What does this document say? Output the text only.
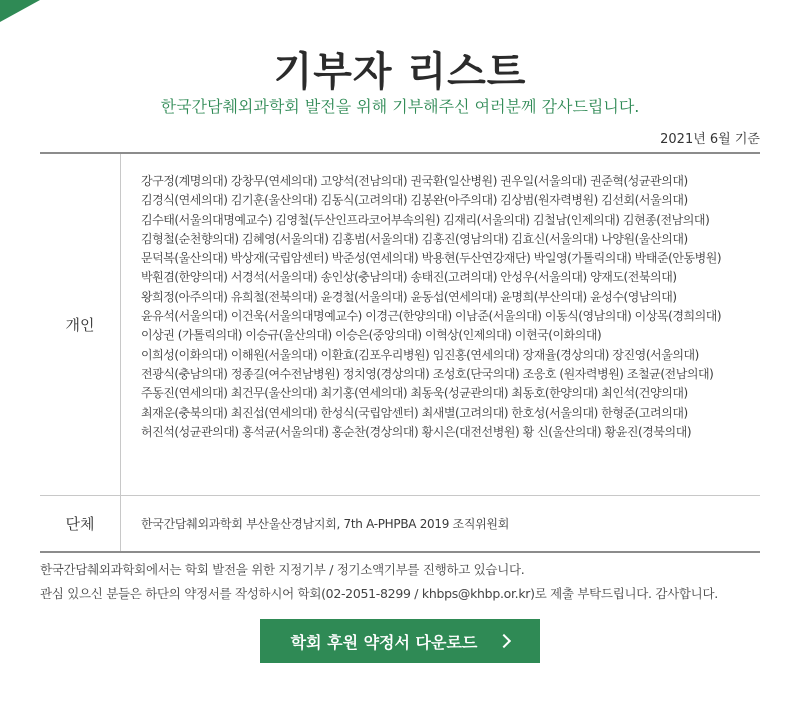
기부자 리스트

한국간담췌외과학회 발전을 위해 기부해주신 여러분께 감사드립니다.

2021년 6월 기준
개인
강구정(계명의대) 강창무(연세의대) 고양석(전남의대) 권국환(일산병원) 권우일(서울의대) 권준혁(성균관의대)
김경식(연세의대) 김기훈(울산의대) 김동식(고려의대) 김봉완(아주의대) 김상범(원자력병원) 김선회(서울의대)
김수태(서울의대명예교수) 김영철(두산인프라코어부속의원) 김재리(서울의대) 김철남(인제의대) 김현종(전남의대)
김형철(순천향의대) 김혜영(서울의대) 김홍범(서울의대) 김홍진(영남의대) 김효신(서울의대) 나양원(울산의대)
문덕복(울산의대) 박상재(국립암센터) 박준성(연세의대) 박용현(두산연강재단) 박일영(가톨릭의대) 박태준(안동병원)
박훤겸(한양의대) 서경석(서울의대) 송인상(충남의대) 송태진(고려의대) 안성우(서울의대) 양재도(전북의대)
왕희정(아주의대) 유희철(전북의대) 윤경철(서울의대) 윤동섭(연세의대) 윤명희(부산의대) 윤성수(영남의대)
윤유석(서울의대) 이건욱(서울의대명예교수) 이경근(한양의대) 이남준(서울의대) 이동식(영남의대) 이상목(경희의대)
이상권 (가톨릭의대) 이승규(울산의대) 이승은(중앙의대) 이혁상(인제의대) 이현국(이화의대)
이희성(이화의대) 이해원(서울의대) 이환효(김포우리병원) 임진홍(연세의대) 장재율(경상의대) 장진영(서울의대)
전광식(충남의대) 정종길(여수전남병원) 정치영(경상의대) 조성호(단국의대) 조응호 (원자력병원) 조철균(전남의대)
주동진(연세의대) 최건무(울산의대) 최기홍(연세의대) 최동욱(성균관의대) 최동호(한양의대) 최인석(건양의대)
최재운(충북의대) 최진섭(연세의대) 한성식(국립암센터) 최새별(고려의대) 한호성(서울의대) 한형준(고려의대)
허진석(성균관의대) 홍석균(서울의대) 홍순찬(경상의대) 황시은(대전선병원) 황 신(울산의대) 황윤진(경북의대)
단체	한국간담췌외과학회 부산울산경남지회, 7th A-PHPBA 2019 조직위원회
한국간담췌외과학회에서는 학회 발전을 위한 지정기부 / 정기소액기부를 진행하고 있습니다.
관심 있으신 분들은 하단의 약정서를 작성하시어 학회(02-2051-8299 / khbps@khbp.or.kr)로 제출 부탁드립니다. 감사합니다.
학회 후원 약정서 다운로드
